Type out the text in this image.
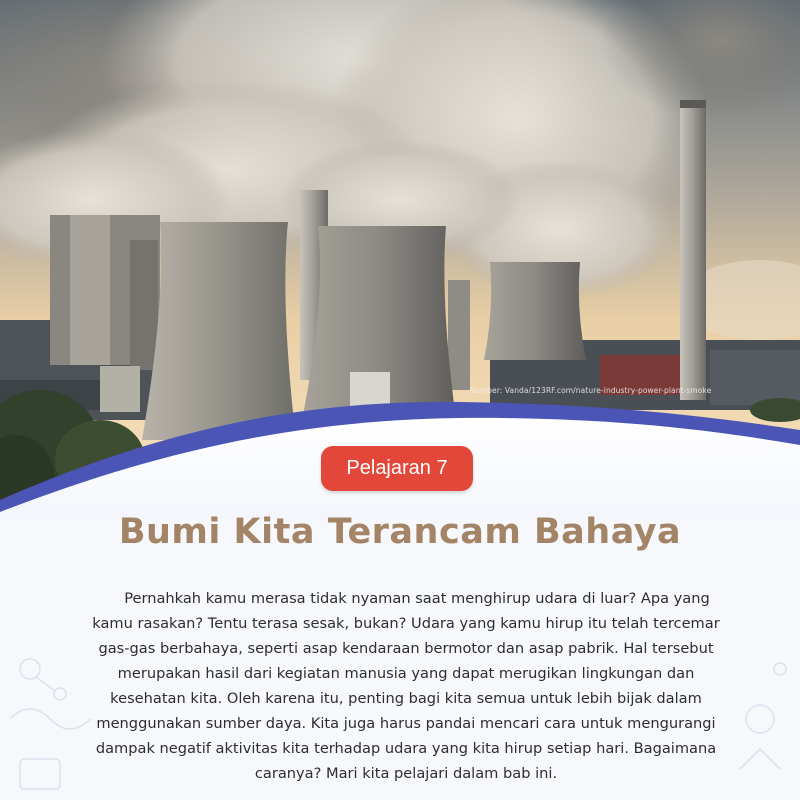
Sumber: Vanda/123RF.com/nature-industry-power-plant-smoke
Pelajaran 7
Bumi Kita Terancam Bahaya

Pernahkah kamu merasa tidak nyaman saat menghirup udara di luar? Apa yang kamu rasakan? Tentu terasa sesak, bukan? Udara yang kamu hirup itu telah tercemar gas-gas berbahaya, seperti asap kendaraan bermotor dan asap pabrik. Hal tersebut merupakan hasil dari kegiatan manusia yang dapat merugikan lingkungan dan kesehatan kita. Oleh karena itu, penting bagi kita semua untuk lebih bijak dalam menggunakan sumber daya. Kita juga harus pandai mencari cara untuk mengurangi dampak negatif aktivitas kita terhadap udara yang kita hirup setiap hari. Bagaimana caranya? Mari kita pelajari dalam bab ini.
